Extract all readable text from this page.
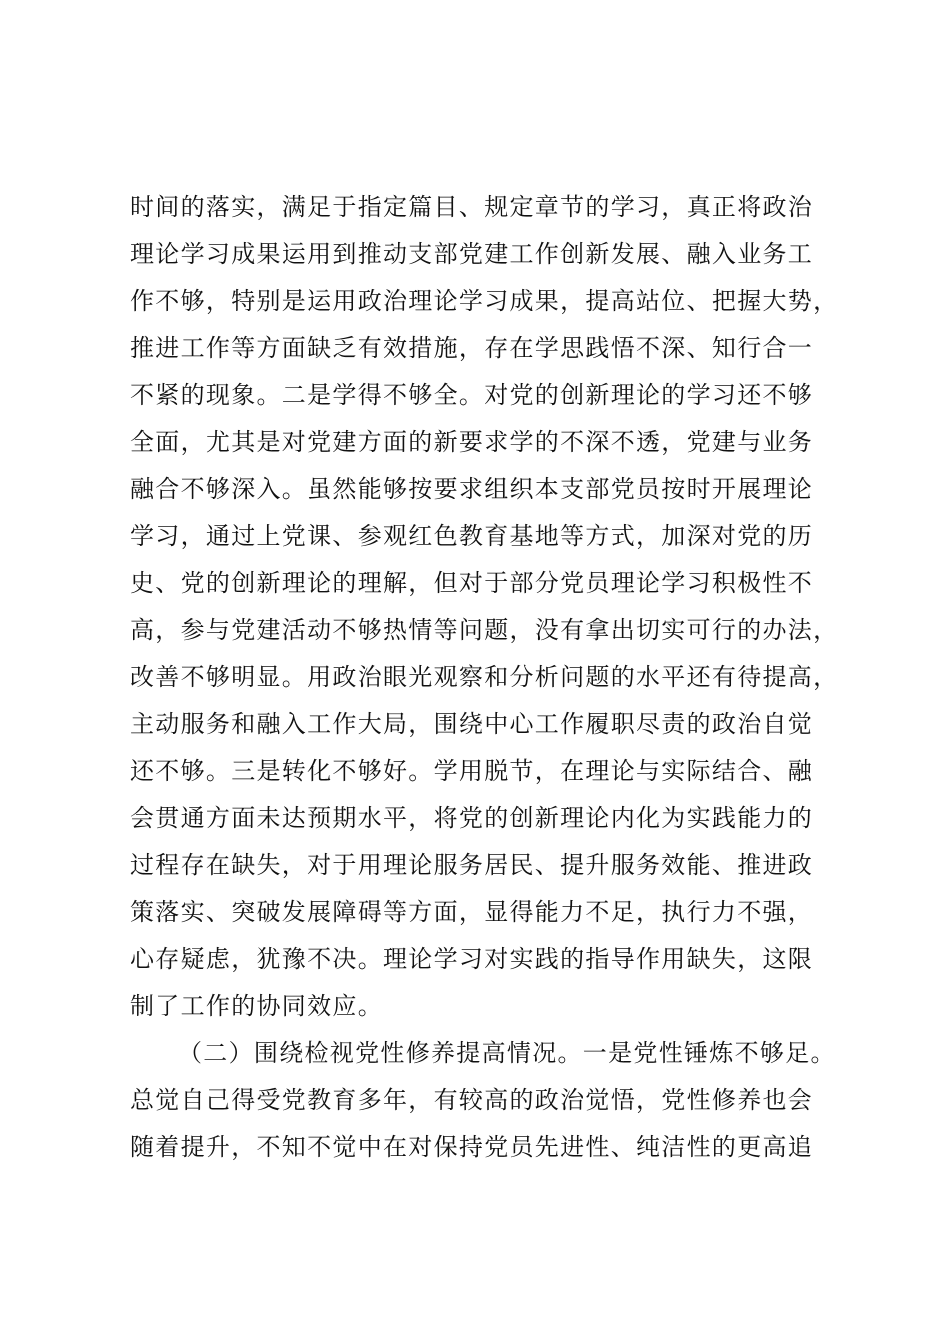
时间的落实，满足于指定篇目、规定章节的学习，真正将政治
理论学习成果运用到推动支部党建工作创新发展、融入业务工
作不够，特别是运用政治理论学习成果，提高站位、把握大势，
推进工作等方面缺乏有效措施，存在学思践悟不深、知行合一
不紧的现象。二是学得不够全。对党的创新理论的学习还不够
全面，尤其是对党建方面的新要求学的不深不透，党建与业务
融合不够深入。虽然能够按要求组织本支部党员按时开展理论
学习，通过上党课、参观红色教育基地等方式，加深对党的历
史、党的创新理论的理解，但对于部分党员理论学习积极性不
高，参与党建活动不够热情等问题，没有拿出切实可行的办法，
改善不够明显。用政治眼光观察和分析问题的水平还有待提高，
主动服务和融入工作大局，围绕中心工作履职尽责的政治自觉
还不够。三是转化不够好。学用脱节，在理论与实际结合、融
会贯通方面未达预期水平，将党的创新理论内化为实践能力的
过程存在缺失，对于用理论服务居民、提升服务效能、推进政
策落实、突破发展障碍等方面，显得能力不足，执行力不强，
心存疑虑，犹豫不决。理论学习对实践的指导作用缺失，这限
制了工作的协同效应。
（二）围绕检视党性修养提高情况。一是党性锤炼不够足。
总觉自己得受党教育多年，有较高的政治觉悟，党性修养也会
随着提升，不知不觉中在对保持党员先进性、纯洁性的更高追
